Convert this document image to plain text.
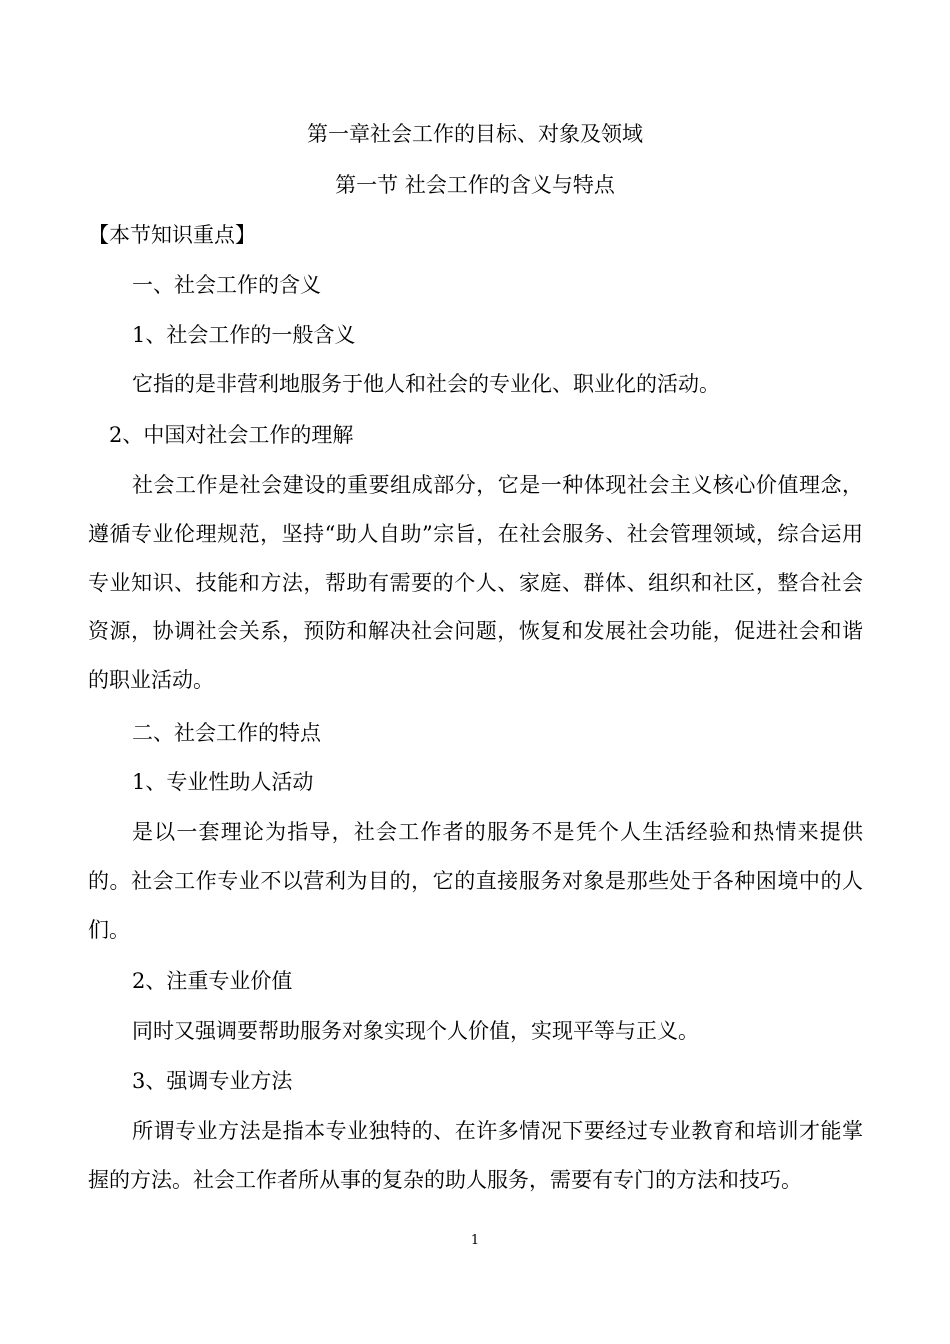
第一章社会工作的目标、对象及领域
第一节 社会工作的含义与特点
【本节知识重点】
一、社会工作的含义
1、社会工作的一般含义
它指的是非营利地服务于他人和社会的专业化、职业化的活动。
2、中国对社会工作的理解
社会工作是社会建设的重要组成部分，它是一种体现社会主义核心价值理念，遵循专业伦理规范，坚持“助人自助”宗旨，在社会服务、社会管理领域，综合运用专业知识、技能和方法，帮助有需要的个人、家庭、群体、组织和社区，整合社会资源，协调社会关系，预防和解决社会问题，恢复和发展社会功能，促进社会和谐的职业活动。
二、社会工作的特点
1、专业性助人活动
是以一套理论为指导，社会工作者的服务不是凭个人生活经验和热情来提供的。社会工作专业不以营利为目的，它的直接服务对象是那些处于各种困境中的人们。
2、注重专业价值
同时又强调要帮助服务对象实现个人价值，实现平等与正义。
3、强调专业方法
所谓专业方法是指本专业独特的、在许多情况下要经过专业教育和培训才能掌握的方法。社会工作者所从事的复杂的助人服务，需要有专门的方法和技巧。
1
